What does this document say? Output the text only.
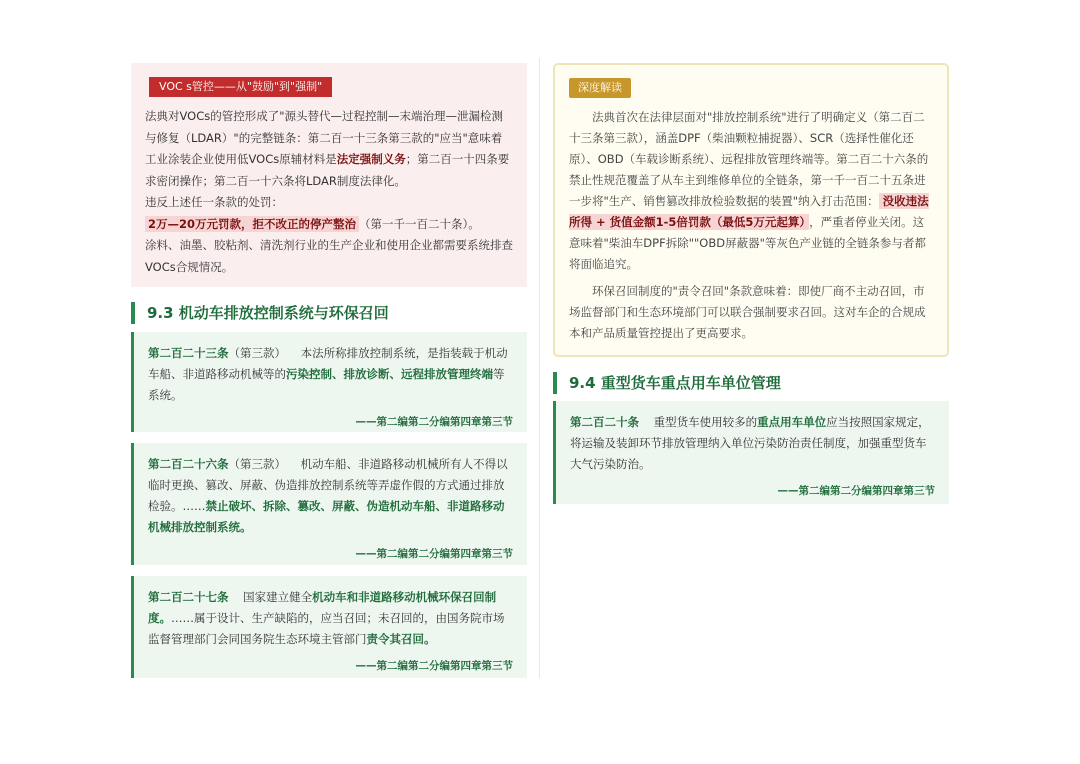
VOC s管控——从"鼓励"到"强制"

法典对VOCs的管控形成了"源头替代—过程控制—末端治理—泄漏检测与修复（LDAR）"的完整链条：第二百一十三条第三款的"应当"意味着工业涂装企业使用低VOCs原辅材料是法定强制义务；第二百一十四条要求密闭操作；第二百一十六条将LDAR制度法律化。

违反上述任一条款的处罚：

2万—20万元罚款，拒不改正的停产整治 （第一千一百二十条）。

涂料、油墨、胶粘剂、清洗剂行业的生产企业和使用企业都需要系统排查VOCs合规情况。

9.3 机动车排放控制系统与环保召回

第二百二十三条（第三款） 本法所称排放控制系统，是指装载于机动车船、非道路移动机械等的污染控制、排放诊断、远程排放管理终端等系统。

——第二编第二分编第四章第三节

第二百二十六条（第三款） 机动车船、非道路移动机械所有人不得以临时更换、篡改、屏蔽、伪造排放控制系统等弄虚作假的方式通过排放检验。……禁止破坏、拆除、篡改、屏蔽、伪造机动车船、非道路移动机械排放控制系统。

——第二编第二分编第四章第三节

第二百二十七条 国家建立健全机动车和非道路移动机械环保召回制度。……属于设计、生产缺陷的，应当召回；未召回的，由国务院市场监督管理部门会同国务院生态环境主管部门责令其召回。

——第二编第二分编第四章第三节
深度解读

法典首次在法律层面对"排放控制系统"进行了明确定义（第二百二十三条第三款），涵盖DPF（柴油颗粒捕捉器）、SCR（选择性催化还原）、OBD（车载诊断系统）、远程排放管理终端等。第二百二十六条的禁止性规范覆盖了从车主到维修单位的全链条，第一千一百二十五条进一步将"生产、销售篡改排放检验数据的装置"纳入打击范围： 没收违法所得 + 货值金额1-5倍罚款（最低5万元起算） ，严重者停业关闭。这意味着"柴油车DPF拆除""OBD屏蔽器"等灰色产业链的全链条参与者都将面临追究。

环保召回制度的"责令召回"条款意味着：即使厂商不主动召回，市场监督部门和生态环境部门可以联合强制要求召回。这对车企的合规成本和产品质量管控提出了更高要求。

9.4 重型货车重点用车单位管理

第二百二十条 重型货车使用较多的重点用车单位应当按照国家规定，将运输及装卸环节排放管理纳入单位污染防治责任制度，加强重型货车大气污染防治。

——第二编第二分编第四章第三节
